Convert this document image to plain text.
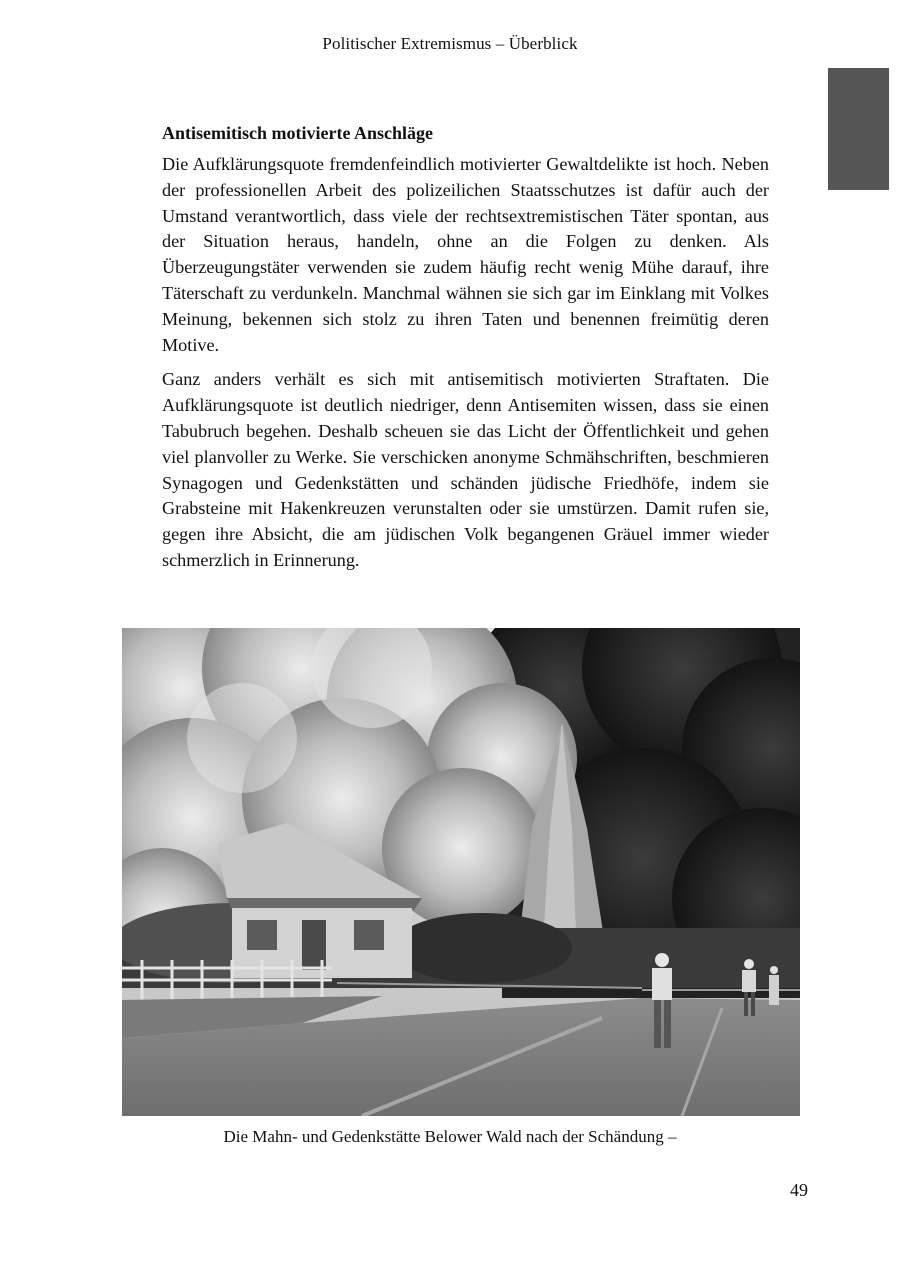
Politischer Extremismus – Überblick
Antisemitisch motivierte Anschläge

Die Aufklärungsquote fremdenfeindlich motivierter Gewaltdelikte ist hoch. Neben der professionellen Arbeit des polizeilichen Staatsschutzes ist dafür auch der Umstand verantwortlich, dass viele der rechtsextremistischen Täter spontan, aus der Situation heraus, handeln, ohne an die Folgen zu denken. Als Überzeugungstäter verwenden sie zudem häufig recht wenig Mühe darauf, ihre Täterschaft zu verdunkeln. Manchmal wähnen sie sich gar im Einklang mit Volkes Meinung, bekennen sich stolz zu ihren Taten und benennen freimütig deren Motive.

Ganz anders verhält es sich mit antisemitisch motivierten Straftaten. Die Aufklärungsquote ist deutlich niedriger, denn Antisemiten wissen, dass sie einen Tabubruch begehen. Deshalb scheuen sie das Licht der Öffentlichkeit und gehen viel planvoller zu Werke. Sie verschicken anonyme Schmähschriften, beschmieren Synagogen und Gedenkstätten und schänden jüdische Friedhöfe, indem sie Grabsteine mit Hakenkreuzen verunstalten oder sie umstürzen. Damit rufen sie, gegen ihre Absicht, die am jüdischen Volk begangenen Gräuel immer wieder schmerzlich in Erinnerung.

Die Mahn- und Gedenkstätte Belower Wald nach der Schändung –
49
